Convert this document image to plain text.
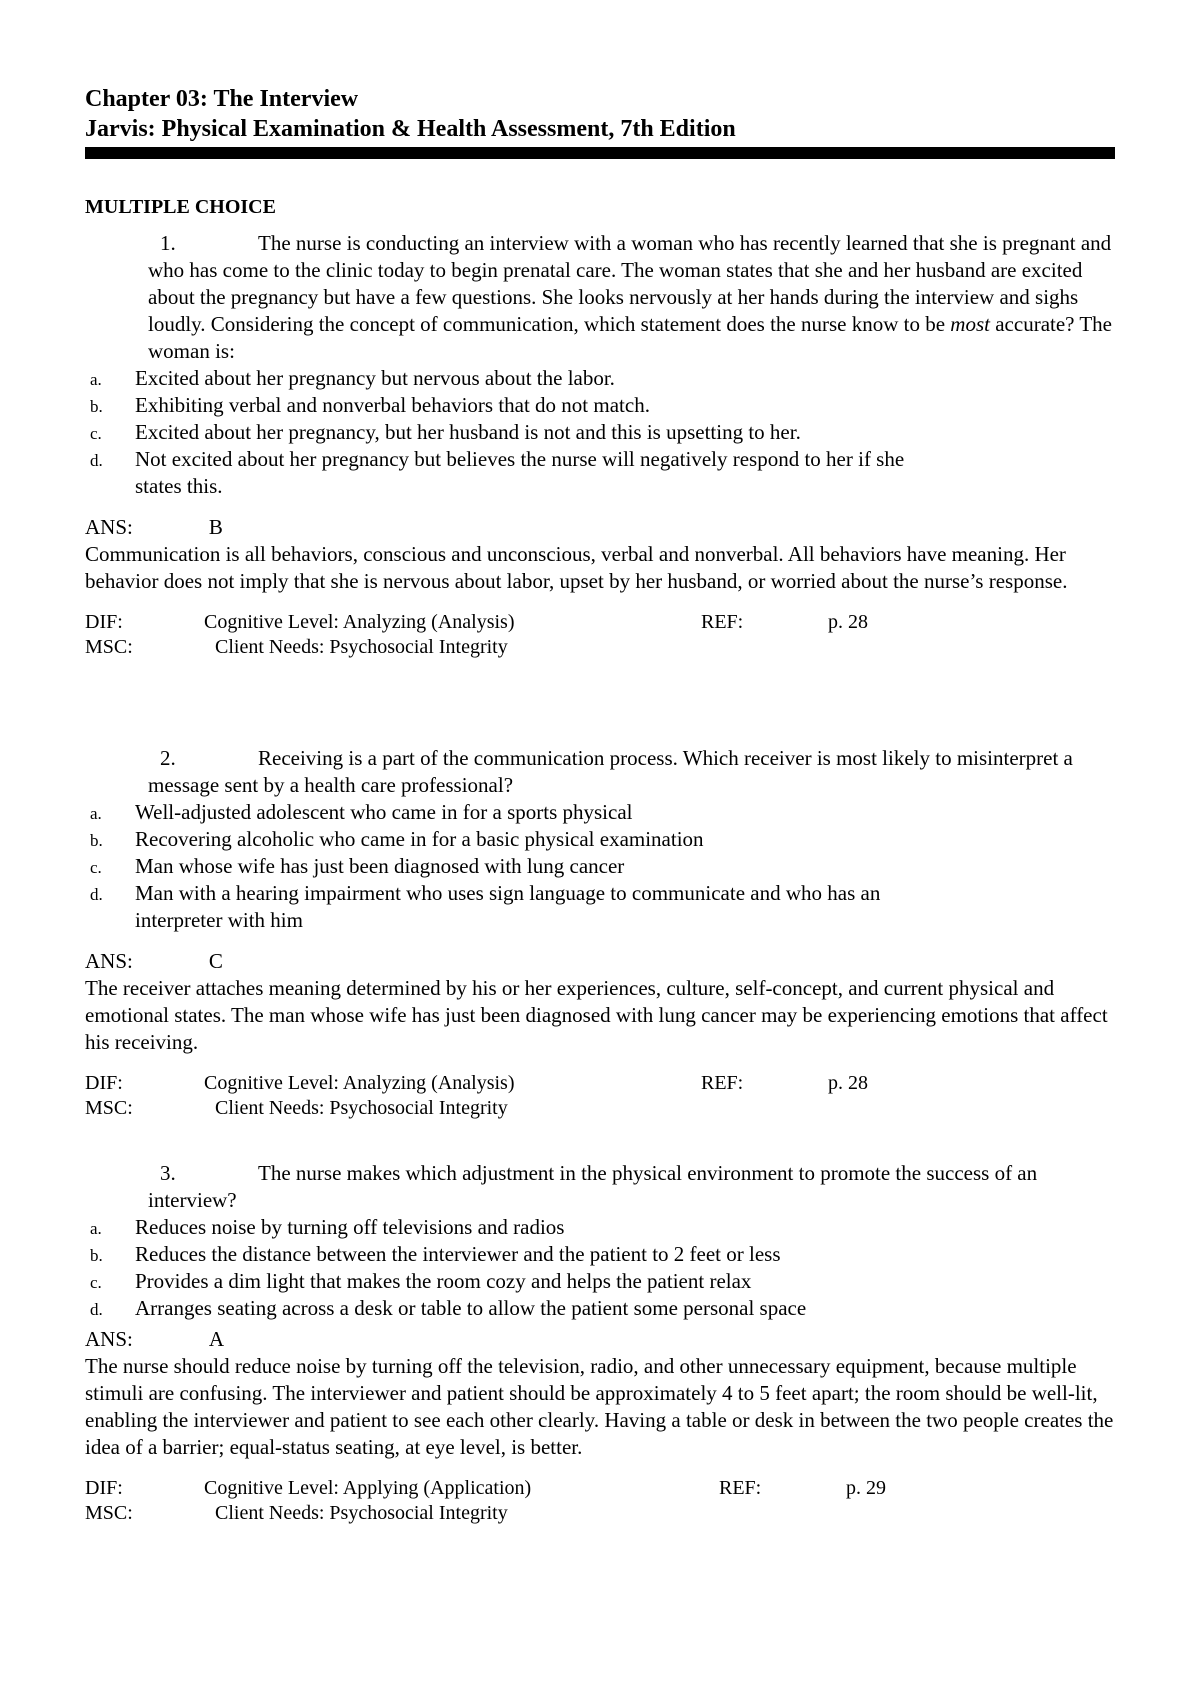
Chapter 03: The Interview
Jarvis: Physical Examination & Health Assessment, 7th Edition
MULTIPLE CHOICE
1.	The nurse is conducting an interview with a woman who has recently learned that she is pregnant and who has come to the clinic today to begin prenatal care. The woman states that she and her husband are excited about the pregnancy but have a few questions. She looks nervously at her hands during the interview and sighs loudly. Considering the concept of communication, which statement does the nurse know to be most accurate? The woman is:
a. Excited about her pregnancy but nervous about the labor.
b. Exhibiting verbal and nonverbal behaviors that do not match.
c. Excited about her pregnancy, but her husband is not and this is upsetting to her.
d. Not excited about her pregnancy but believes the nurse will negatively respond to her if she states this.
ANS:	B
Communication is all behaviors, conscious and unconscious, verbal and nonverbal. All behaviors have meaning. Her behavior does not imply that she is nervous about labor, upset by her husband, or worried about the nurse’s response.
DIF:	Cognitive Level: Analyzing (Analysis)	REF:	p. 28
MSC:	Client Needs: Psychosocial Integrity
2.	Receiving is a part of the communication process. Which receiver is most likely to misinterpret a message sent by a health care professional?
a. Well-adjusted adolescent who came in for a sports physical
b. Recovering alcoholic who came in for a basic physical examination
c. Man whose wife has just been diagnosed with lung cancer
d. Man with a hearing impairment who uses sign language to communicate and who has an interpreter with him
ANS:	C
The receiver attaches meaning determined by his or her experiences, culture, self-concept, and current physical and emotional states. The man whose wife has just been diagnosed with lung cancer may be experiencing emotions that affect his receiving.
DIF:	Cognitive Level: Analyzing (Analysis)	REF:	p. 28
MSC:	Client Needs: Psychosocial Integrity
3.	The nurse makes which adjustment in the physical environment to promote the success of an interview?
a. Reduces noise by turning off televisions and radios
b. Reduces the distance between the interviewer and the patient to 2 feet or less
c. Provides a dim light that makes the room cozy and helps the patient relax
d. Arranges seating across a desk or table to allow the patient some personal space
ANS:	A
The nurse should reduce noise by turning off the television, radio, and other unnecessary equipment, because multiple stimuli are confusing. The interviewer and patient should be approximately 4 to 5 feet apart; the room should be well-lit, enabling the interviewer and patient to see each other clearly. Having a table or desk in between the two people creates the idea of a barrier; equal-status seating, at eye level, is better.
DIF:	Cognitive Level: Applying (Application)	REF:	p. 29
MSC:	Client Needs: Psychosocial Integrity
